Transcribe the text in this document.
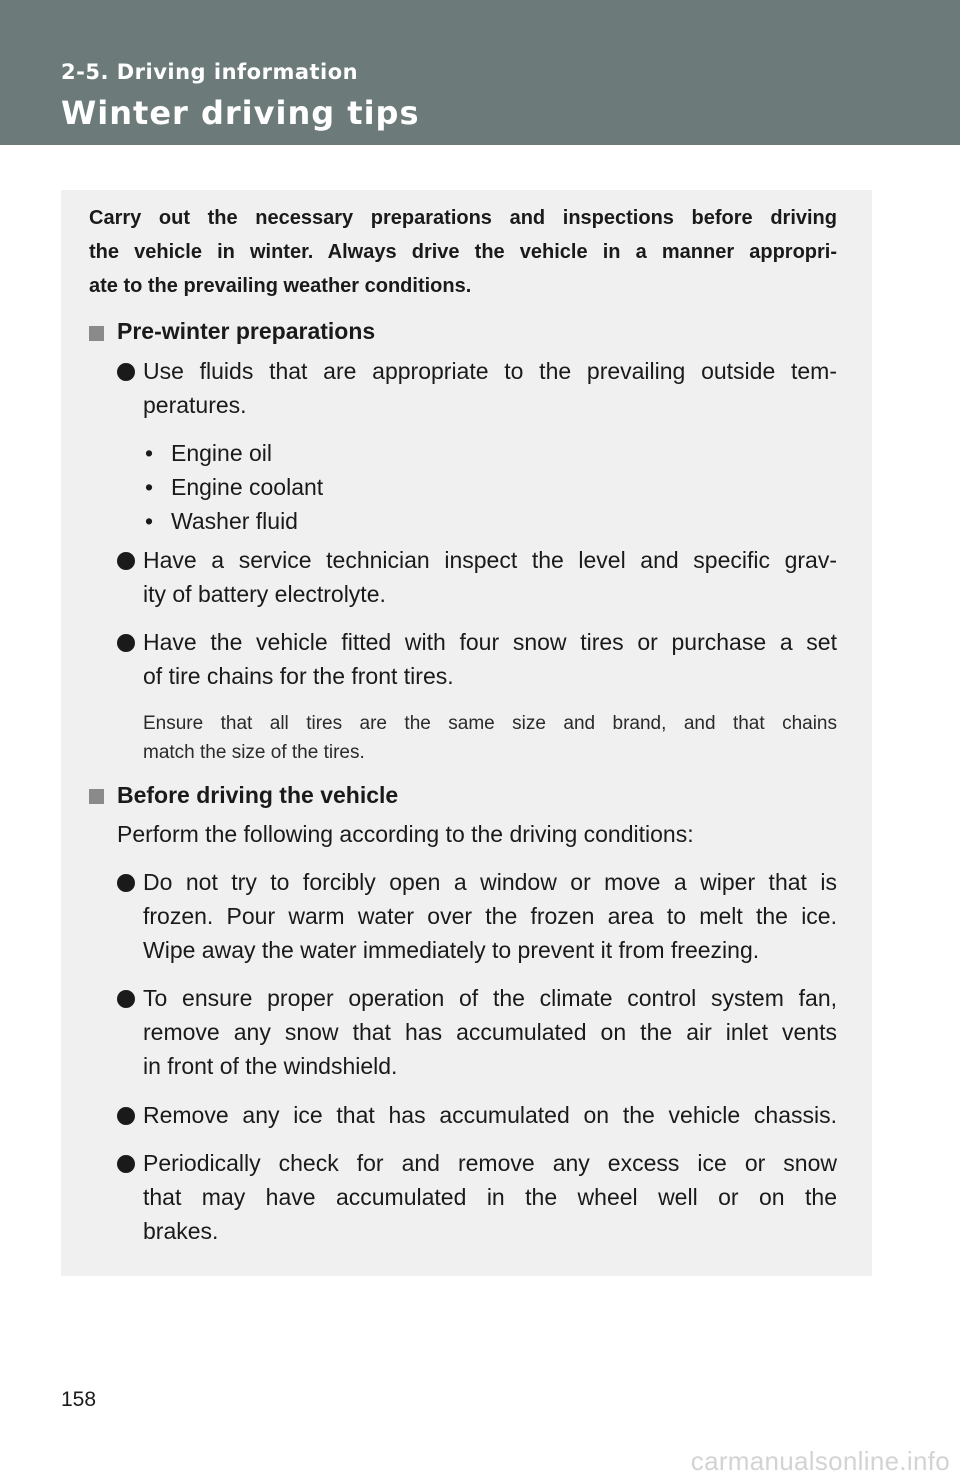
2-5. Driving information
Winter driving tips
Carry out the necessary preparations and inspections before driving
the vehicle in winter. Always drive the vehicle in a manner appropri-
ate to the prevailing weather conditions.
Pre-winter preparations
Use fluids that are appropriate to the prevailing outside tem-
peratures.
• Engine oil
• Engine coolant
• Washer fluid
Have a service technician inspect the level and specific grav-
ity of battery electrolyte.
Have the vehicle fitted with four snow tires or purchase a set
of tire chains for the front tires.
Ensure that all tires are the same size and brand, and that chains
match the size of the tires.
Before driving the vehicle
Perform the following according to the driving conditions:
Do not try to forcibly open a window or move a wiper that is
frozen. Pour warm water over the frozen area to melt the ice.
Wipe away the water immediately to prevent it from freezing.
To ensure proper operation of the climate control system fan,
remove any snow that has accumulated on the air inlet vents
in front of the windshield.
Remove any ice that has accumulated on the vehicle chassis.
Periodically check for and remove any excess ice or snow
that may have accumulated in the wheel well or on the
brakes.
158
carmanualsonline.info
